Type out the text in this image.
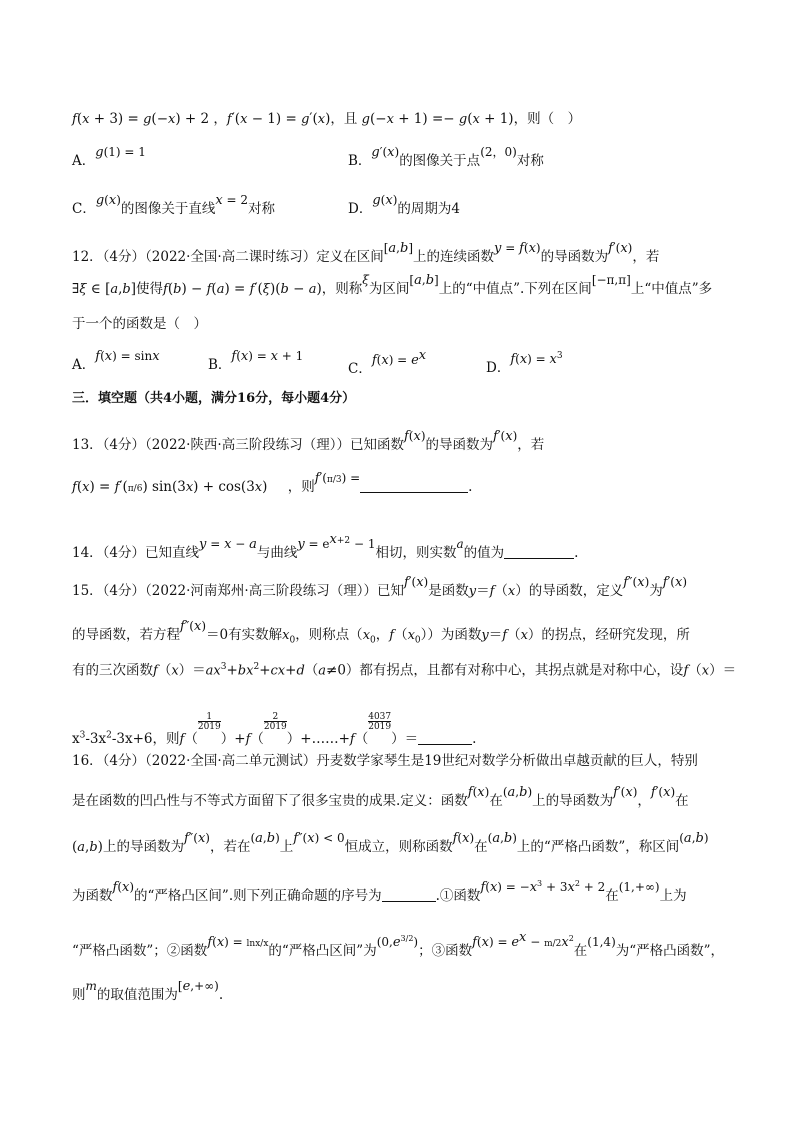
f(x + 3) = g(−x) + 2 ，f′(x − 1) = g′(x)，且 g(−x + 1) =− g(x + 1)，则（　）
A．g(1) = 1
B．g′(x)的图像关于点(2，0)对称
C．g(x)的图像关于直线x = 2对称	D．g(x)的周期为4
12．（4分）（2022·全国·高二课时练习）定义在区间[a,b]上的连续函数y = f(x)的导函数为f′(x)，若
∃ξ ∈ [a,b]使得f(b) − f(a) = f′(ξ)(b − a)，则称ξ为区间[a,b]上的“中值点”.下列在区间[−π,π]上“中值点”多
于一个的函数是（　）
A．f(x) = sinx
B．f(x) = x + 1
C．$f(x) = e^x$
D．$f(x) = x^3$
三．填空题（共4小题，满分16分，每小题4分）
13．（4分）（2022·陕西·高三阶段练习（理））已知函数f(x)的导函数为f′(x)，若
f(x) = f′(π/6) sin(3x) + cos(3x) ，则f′(π/3) =.
14．（4分）已知直线y = x − a与曲线$y = e^{x+2} - 1$相切，则实数a的值为	.
15．（4分）（2022·河南郑州·高三阶段练习（理））已知f′(x)是函数y＝f（x）的导函数，定义f″(x)为f′(x)
的导函数，若方程f″(x)＝0有实数解$x_0$，则称点（$x_0$，$f(x_0)$）为函数y＝f（x）的拐点，经研究发现，所
有的三次函数$f(x)=ax^3+bx^2+cx+d(a\ne 0)$都有拐点，且都有对称中心，其拐点就是对称中心，设f（x）＝
$x^3-3x^2-3x+6$，则f（1
2019）+f（2
2019）+……+f（4037
2019）＝	.
16．（4分）（2022·全国·高二单元测试）丹麦数学家琴生是19世纪对数学分析做出卓越贡献的巨人，特别
是在函数的凹凸性与不等式方面留下了很多宝贵的成果.定义：函数f(x)在(a,b)上的导函数为f′(x)，f′(x)在
(a,b)上的导函数为f″(x)，若在(a,b)上f″(x) < 0恒成立，则称函数f(x)在(a,b)上的“严格凸函数”，称区间(a,b)
为函数f(x)的“严格凸区间”.则下列正确命题的序号为	.①函数$f(x) = -x^3 + 3x^2 + 2$在(1,+∞)上为
“严格凸函数”；②函数f(x) = lnx/x的“严格凸区间”为$(0,e^{3/2})$；③函数$f(x) = e^x - m/2x^2$在(1,4)为“严格凸函数”，
则m的取值范围为[e,+∞).
